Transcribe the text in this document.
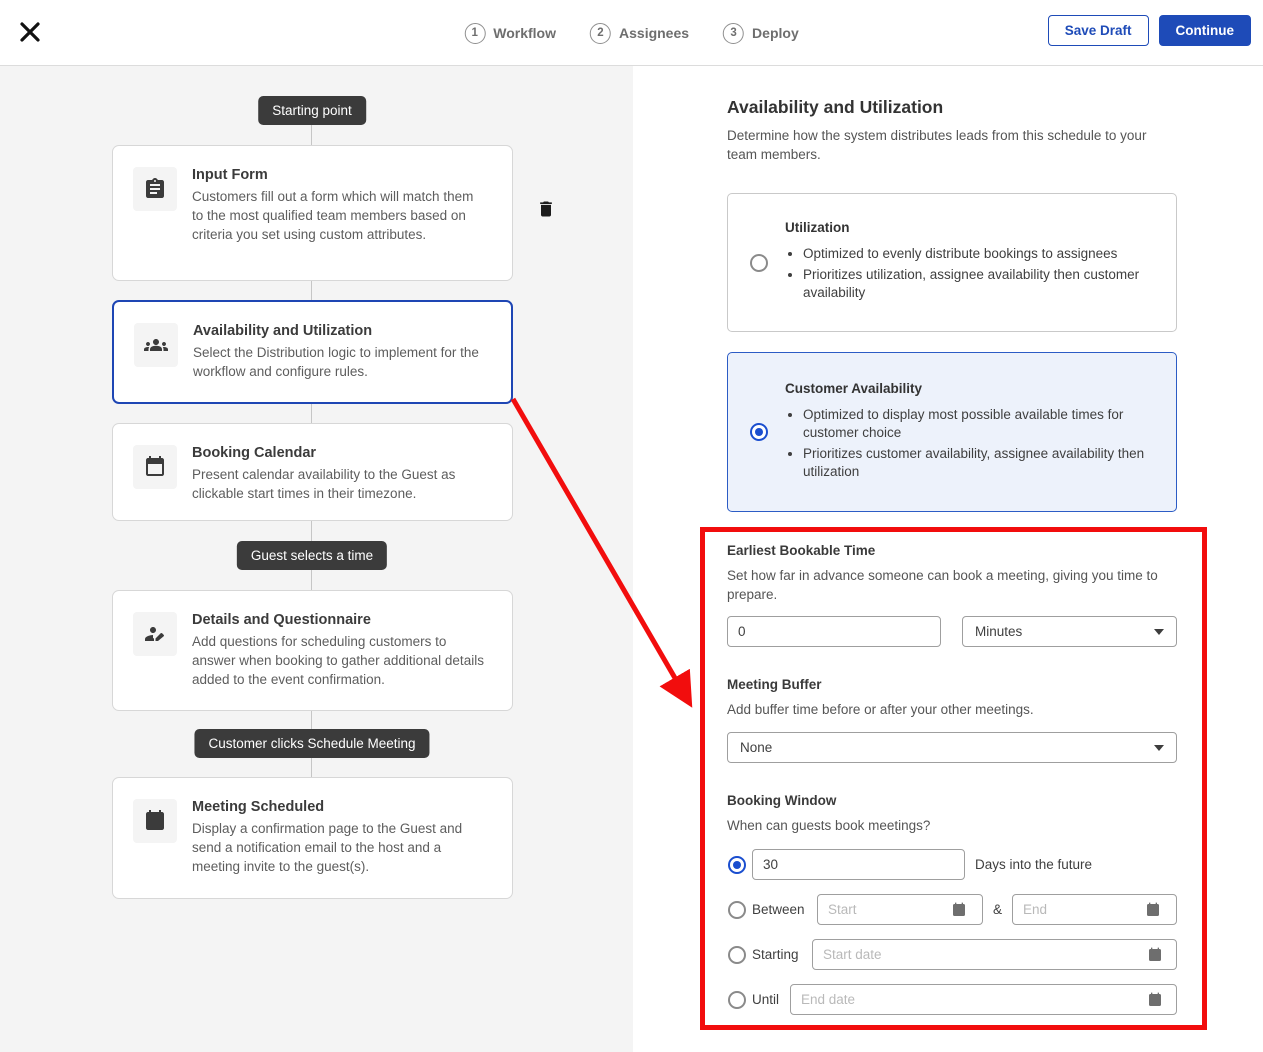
1	Workflow	2	Assignees	3	Deploy	Save Draft	Continue
Starting point
Input Form
Customers fill out a form which will match them to the most qualified team members based on criteria you set using custom attributes.
Availability and Utilization
Select the Distribution logic to implement for the workflow and configure rules.
Booking Calendar
Present calendar availability to the Guest as clickable start times in their timezone.
Guest selects a time
Details and Questionnaire
Add questions for scheduling customers to answer when booking to gather additional details added to the event confirmation.
Customer clicks Schedule Meeting
Meeting Scheduled
Display a confirmation page to the Guest and send a notification email to the host and a meeting invite to the guest(s).
Availability and Utilization
Determine how the system distributes leads from this schedule to your team members.
Utilization
• Optimized to evenly distribute bookings to assignees
• Prioritizes utilization, assignee availability then customer availability
Customer Availability
• Optimized to display most possible available times for customer choice
• Prioritizes customer availability, assignee availability then utilization
Earliest Bookable Time
Set how far in advance someone can book a meeting, giving you time to prepare.
0
Minutes
Meeting Buffer
Add buffer time before or after your other meetings.
None
Booking Window
When can guests book meetings?
30
Days into the future
Between
Start	&
End
Starting
Start date
Until
End date
